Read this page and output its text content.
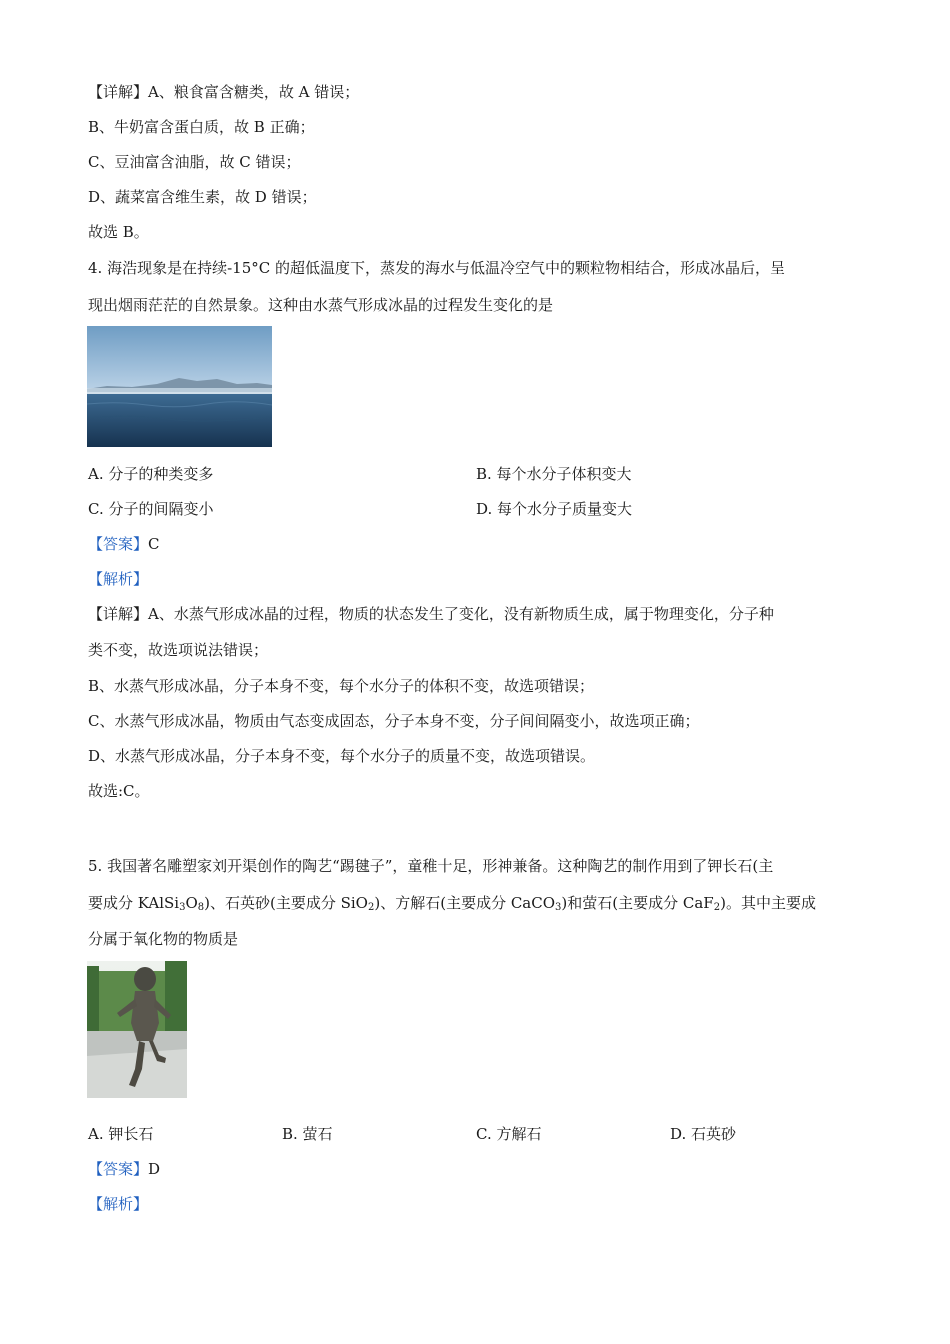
【详解】A、粮食富含糖类，故 A 错误；
B、牛奶富含蛋白质，故 B 正确；
C、豆油富含油脂，故 C 错误；
D、蔬菜富含维生素，故 D 错误；
故选 B。
4. 海浩现象是在持续-15°C 的超低温度下，蒸发的海水与低温冷空气中的颗粒物相结合，形成冰晶后，呈
现出烟雨茫茫的自然景象。这种由水蒸气形成冰晶的过程发生变化的是
A. 分子的种类变多	B. 每个水分子体积变大
C. 分子的间隔变小	D. 每个水分子质量变大
【答案】C
【解析】
【详解】A、水蒸气形成冰晶的过程，物质的状态发生了变化，没有新物质生成，属于物理变化，分子种
类不变，故选项说法错误；
B、水蒸气形成冰晶，分子本身不变，每个水分子的体积不变，故选项错误；
C、水蒸气形成冰晶，物质由气态变成固态，分子本身不变，分子间间隔变小，故选项正确；
D、水蒸气形成冰晶，分子本身不变，每个水分子的质量不变，故选项错误。
故选:C。
5. 我国著名雕塑家刘开渠创作的陶艺“踢毽子”，童稚十足，形神兼备。这种陶艺的制作用到了钾长石(主
要成分 $KAlSi_3O_8$)、石英砂(主要成分 SiO$_2$)、方解石(主要成分 CaCO$_3$)和萤石(主要成分 CaF$_2$)。其中主要成
分属于氧化物的物质是
A. 钾长石	B. 萤石	C. 方解石	D. 石英砂
【答案】D
【解析】
